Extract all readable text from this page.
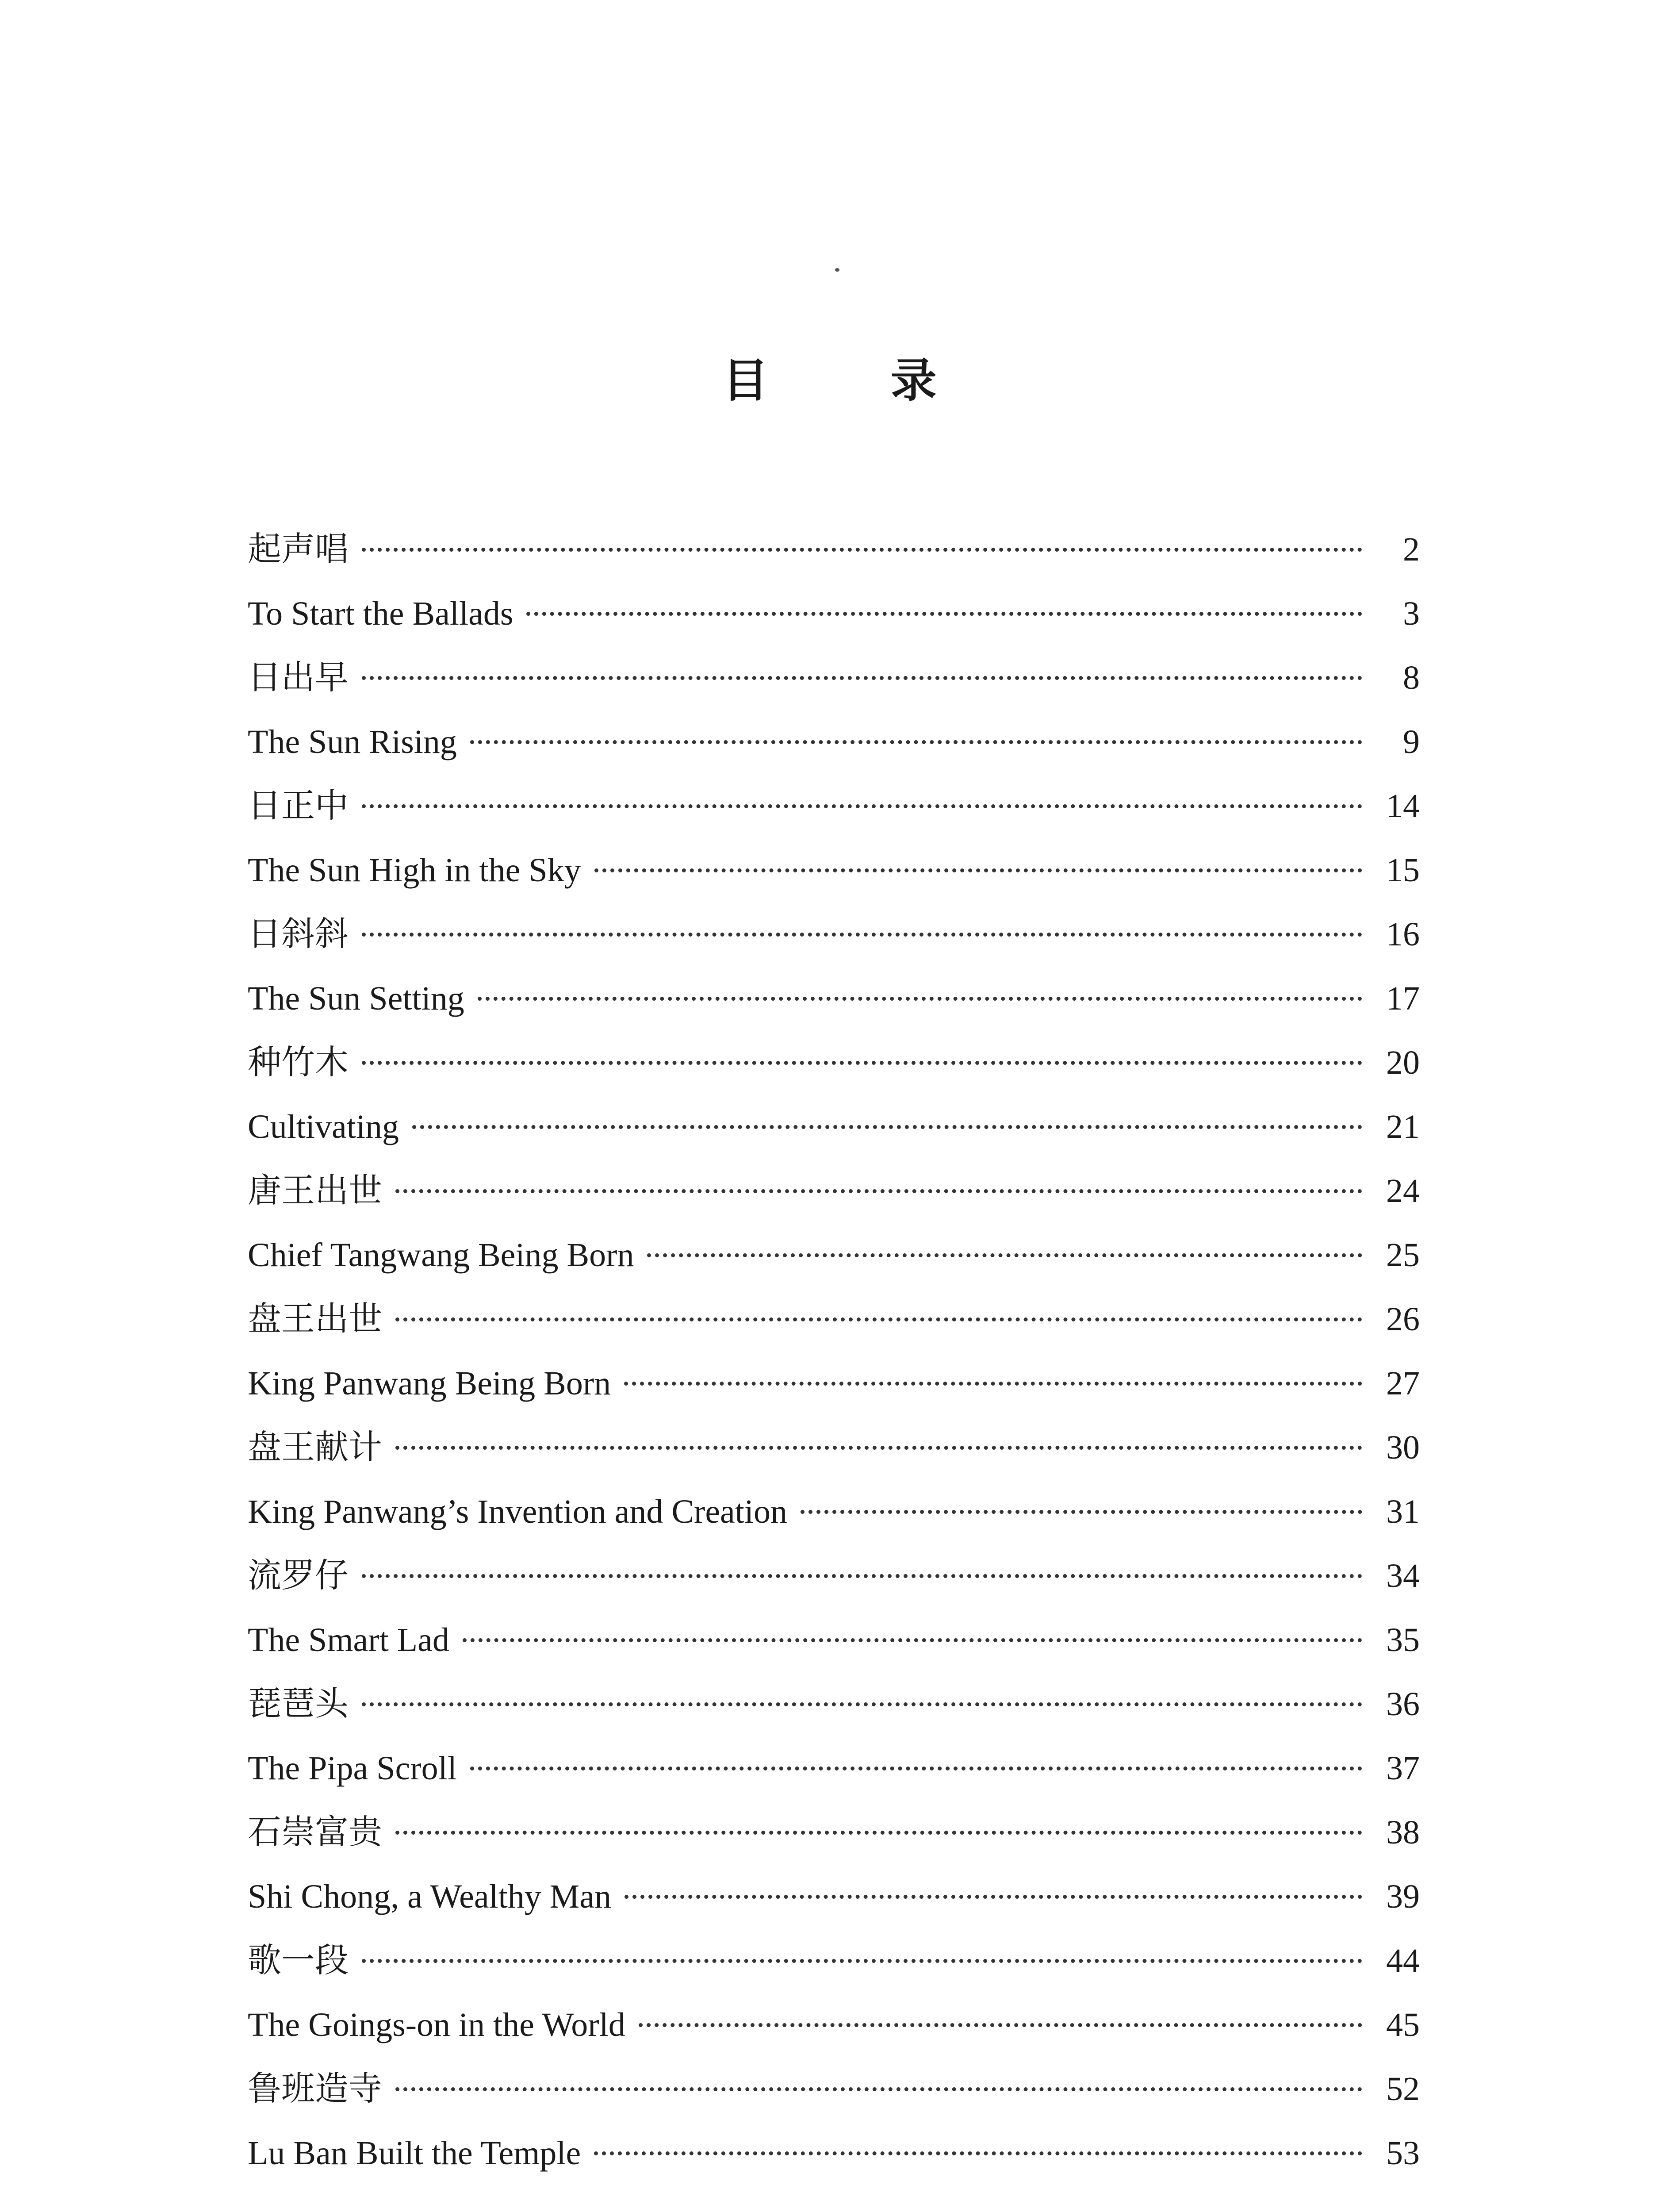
目 录
起声唱	2
To Start the Ballads	3
日出早	8
The Sun Rising	9
日正中	14
The Sun High in the Sky	15
日斜斜	16
The Sun Setting	17
种竹木	20
Cultivating	21
唐王出世	24
Chief Tangwang Being Born	25
盘王出世	26
King Panwang Being Born	27
盘王献计	30
King Panwang’s Invention and Creation	31
流罗仔	34
The Smart Lad	35
琵琶头	36
The Pipa Scroll	37
石崇富贵	38
Shi Chong, a Wealthy Man	39
歌一段	44
The Goings-on in the World	45
鲁班造寺	52
Lu Ban Built the Temple	53
